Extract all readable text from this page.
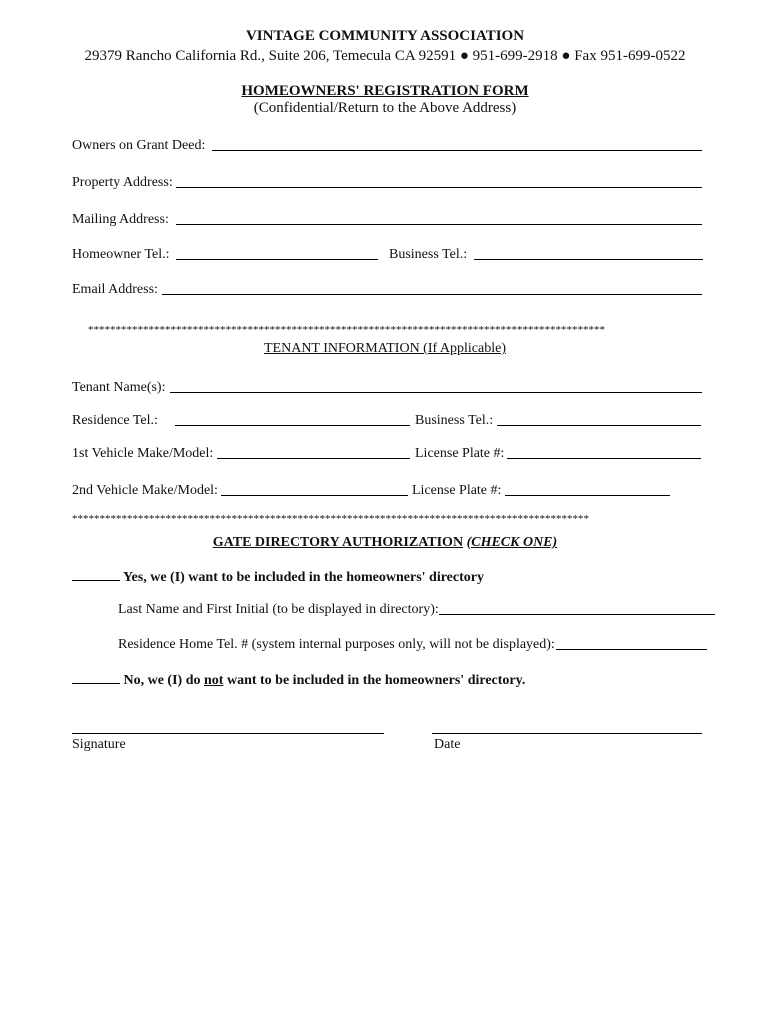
VINTAGE COMMUNITY ASSOCIATION
29379 Rancho California Rd., Suite 206, Temecula CA 92591 ● 951-699-2918 ● Fax 951-699-0522
HOMEOWNERS' REGISTRATION FORM
(Confidential/Return to the Above Address)
Owners on Grant Deed:
Property Address:
Mailing Address:
Homeowner Tel.:	Business Tel.:
Email Address:
**********************************************************************************************
TENANT INFORMATION (If Applicable)
Tenant Name(s):
Residence Tel.:	Business Tel.:
1st Vehicle Make/Model:	License Plate #:
2nd Vehicle Make/Model:	License Plate #:
**********************************************************************************************
GATE DIRECTORY AUTHORIZATION (CHECK ONE)
Yes, we (I) want to be included in the homeowners' directory
Last Name and First Initial (to be displayed in directory):
Residence Home Tel. # (system internal purposes only, will not be displayed):
No, we (I) do not want to be included in the homeowners' directory.
Signature	Date
